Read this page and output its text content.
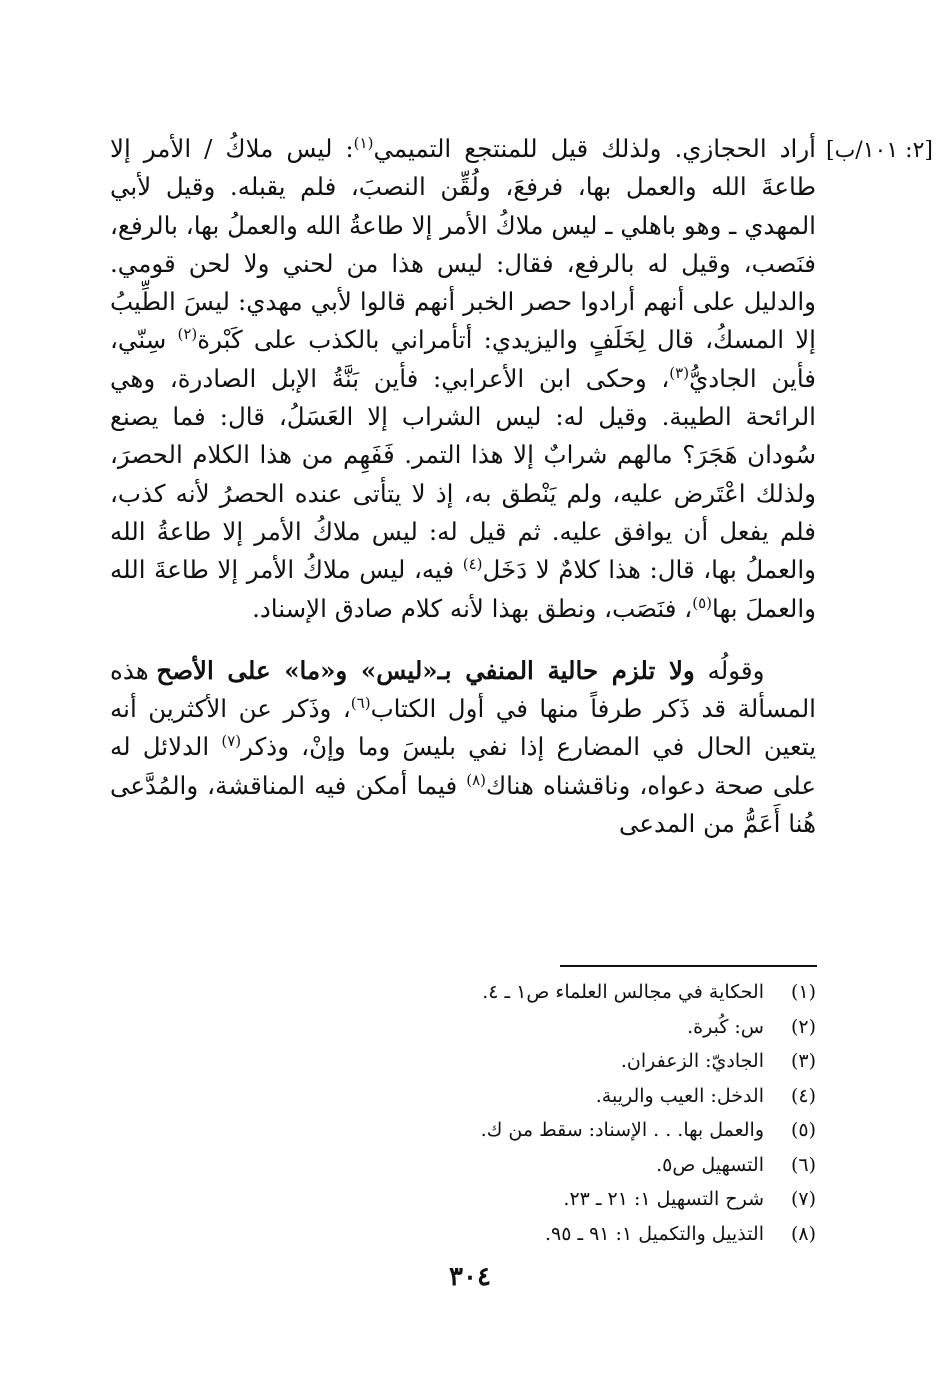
[٢: ١٠١/ب]

أراد الحجازي. ولذلك قيل للمنتجع التميمي$^{(١)}$: ليس ملاكُ / الأمر إلا طاعةَ الله والعمل بها، فرفعَ، ولُقِّن النصبَ، فلم يقبله. وقيل لأبي المهدي ـ وهو باهلي ـ ليس ملاكُ الأمر إلا طاعةُ الله والعملُ بها، بالرفع، فنَصب، وقيل له بالرفع، فقال: ليس هذا من لحني ولا لحن قومي. والدليل على أنهم أرادوا حصر الخبر أنهم قالوا لأبي مهدي: ليسَ الطِّيبُ إلا المسكُ، قال لِخَلَفٍ واليزيدي: أتأمراني بالكذب على كَبْرة$^{(٢)}$ سِنّي، فأين الجاديُّ$^{(٣)}$، وحكى ابن الأعرابي: فأين بَنَّةُ الإبل الصادرة، وهي الرائحة الطيبة. وقيل له: ليس الشراب إلا العَسَلُ، قال: فما يصنع سُودان هَجَرَ؟ مالهم شرابٌ إلا هذا التمر. فَفَهِم من هذا الكلام الحصرَ، ولذلك اعْتَرض عليه، ولم يَنْطق به، إذ لا يتأتى عنده الحصرُ لأنه كذب، فلم يفعل أن يوافق عليه. ثم قيل له: ليس ملاكُ الأمر إلا طاعةُ الله والعملُ بها، قال: هذا كلامٌ لا دَخَل$^{(٤)}$ فيه، ليس ملاكُ الأمر إلا طاعةَ الله والعملَ بها$^{(٥)}$، فنَصَب، ونطق بهذا لأنه كلام صادق الإسناد.

وقولُه ولا تلزم حالية المنفي بـ«ليس» و«ما» على الأصح هذه المسألة قد ذَكر طرفاً منها في أول الكتاب$^{(٦)}$، وذَكر عن الأكثرين أنه يتعين الحال في المضارع إذا نفي بليسَ وما وإنْ، وذكر$^{(٧)}$ الدلائل له على صحة دعواه، وناقشناه هناك$^{(٨)}$ فيما أمكن فيه المناقشة، والمُدَّعى هُنا أَعَمُّ من المدعى

(١)الحكاية في مجالس العلماء ص١ ـ ٤.
(٢)س: كُبرة.
(٣)الجاديّ: الزعفران.
(٤)الدخل: العيب والريبة.
(٥)والعمل بها. . . الإسناد: سقط من ك.
(٦)التسهيل ص٥.
(٧)شرح التسهيل ١: ٢١ ـ ٢٣.
(٨)التذييل والتكميل ١: ٩١ ـ ٩٥.
٣٠٤
